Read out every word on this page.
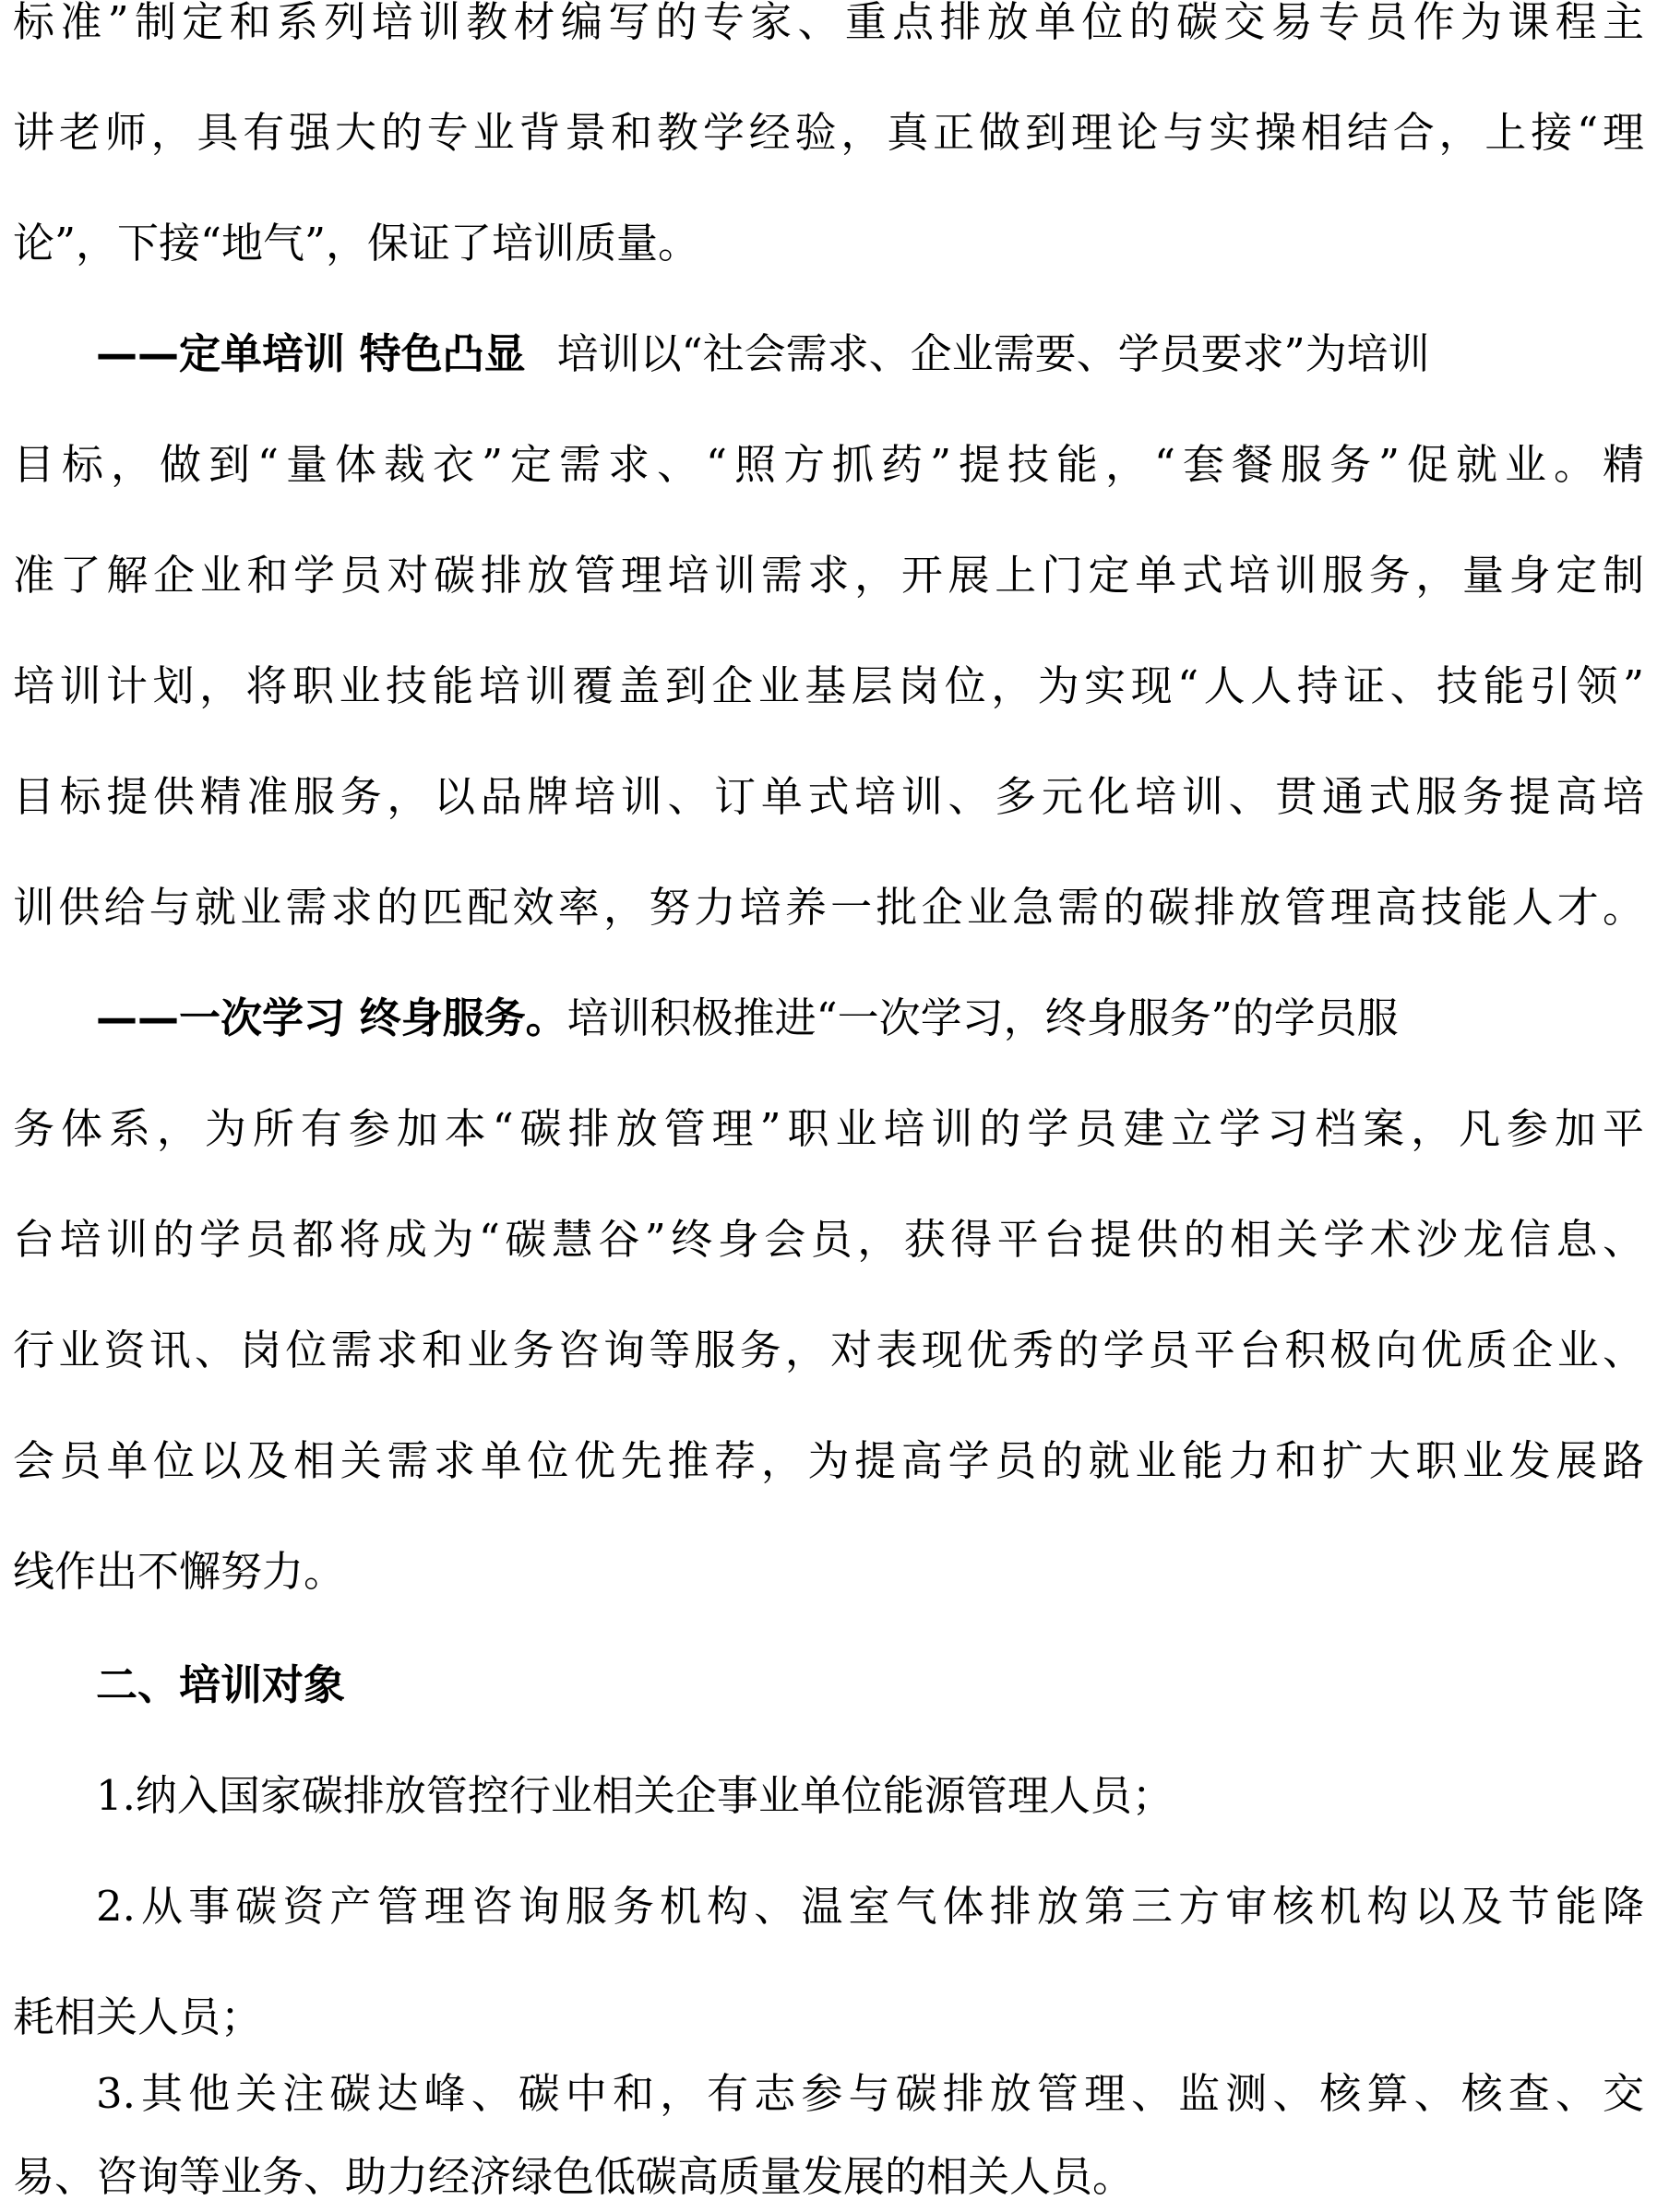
标准”制定和系列培训教材编写的专家、重点排放单位的碳交易专员作为课程主
讲老师，具有强大的专业背景和教学经验，真正做到理论与实操相结合，上接“理
论”，下接“地气”，保证了培训质量。
——定单培训 特色凸显 培训以“社会需求、企业需要、学员要求”为培训
目标，做到“量体裁衣”定需求、“照方抓药”提技能，“套餐服务”促就业。精
准了解企业和学员对碳排放管理培训需求，开展上门定单式培训服务，量身定制
培训计划，将职业技能培训覆盖到企业基层岗位，为实现“人人持证、技能引领”
目标提供精准服务，以品牌培训、订单式培训、多元化培训、贯通式服务提高培
训供给与就业需求的匹配效率，努力培养一批企业急需的碳排放管理高技能人才。
——一次学习 终身服务。培训积极推进“一次学习，终身服务”的学员服
务体系，为所有参加本“碳排放管理”职业培训的学员建立学习档案，凡参加平
台培训的学员都将成为“碳慧谷”终身会员，获得平台提供的相关学术沙龙信息、
行业资讯、岗位需求和业务咨询等服务，对表现优秀的学员平台积极向优质企业、
会员单位以及相关需求单位优先推荐，为提高学员的就业能力和扩大职业发展路
线作出不懈努力。
二、培训对象
1.纳入国家碳排放管控行业相关企事业单位能源管理人员；
2.从事碳资产管理咨询服务机构、温室气体排放第三方审核机构以及节能降
耗相关人员；
3.其他关注碳达峰、碳中和，有志参与碳排放管理、监测、核算、核查、交
易、咨询等业务、助力经济绿色低碳高质量发展的相关人员。
